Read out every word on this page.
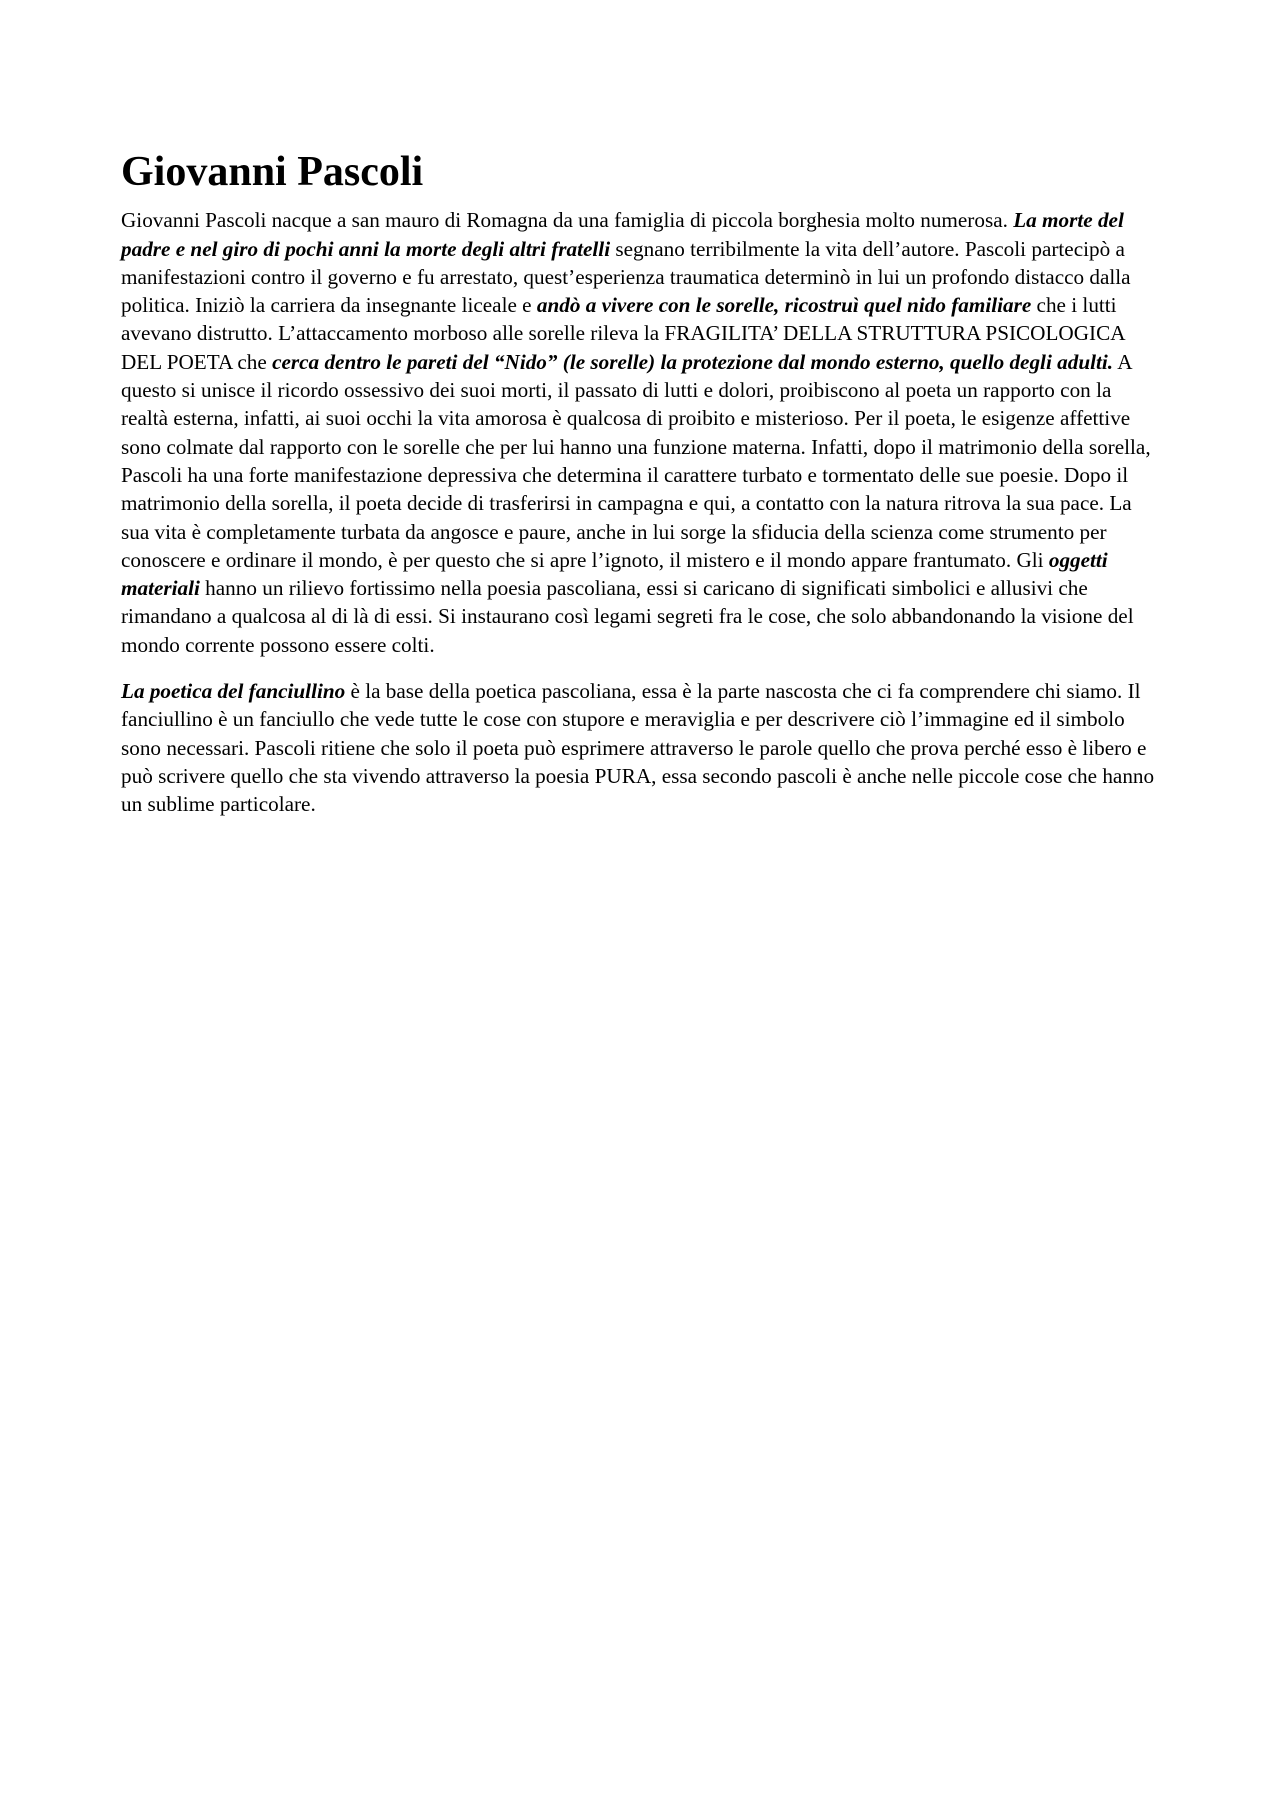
Giovanni Pascoli

Giovanni Pascoli nacque a san mauro di Romagna da una famiglia di piccola borghesia molto numerosa. La morte del padre e nel giro di pochi anni la morte degli altri fratelli segnano terribilmente la vita dell’autore. Pascoli partecipò a manifestazioni contro il governo e fu arrestato, quest’esperienza traumatica determinò in lui un profondo distacco dalla politica. Iniziò la carriera da insegnante liceale e andò a vivere con le sorelle, ricostruì quel nido familiare che i lutti avevano distrutto. L’attaccamento morboso alle sorelle rileva la FRAGILITA’ DELLA STRUTTURA PSICOLOGICA DEL POETA che cerca dentro le pareti del “Nido” (le sorelle) la protezione dal mondo esterno, quello degli adulti. A questo si unisce il ricordo ossessivo dei suoi morti, il passato di lutti e dolori, proibiscono al poeta un rapporto con la realtà esterna, infatti, ai suoi occhi la vita amorosa è qualcosa di proibito e misterioso. Per il poeta, le esigenze affettive sono colmate dal rapporto con le sorelle che per lui hanno una funzione materna. Infatti, dopo il matrimonio della sorella, Pascoli ha una forte manifestazione depressiva che determina il carattere turbato e tormentato delle sue poesie. Dopo il matrimonio della sorella, il poeta decide di trasferirsi in campagna e qui, a contatto con la natura ritrova la sua pace. La sua vita è completamente turbata da angosce e paure, anche in lui sorge la sfiducia della scienza come strumento per conoscere e ordinare il mondo, è per questo che si apre l’ignoto, il mistero e il mondo appare frantumato. Gli oggetti materiali hanno un rilievo fortissimo nella poesia pascoliana, essi si caricano di significati simbolici e allusivi che rimandano a qualcosa al di là di essi. Si instaurano così legami segreti fra le cose, che solo abbandonando la visione del mondo corrente possono essere colti.

La poetica del fanciullino è la base della poetica pascoliana, essa è la parte nascosta che ci fa comprendere chi siamo. Il fanciullino è un fanciullo che vede tutte le cose con stupore e meraviglia e per descrivere ciò l’immagine ed il simbolo sono necessari. Pascoli ritiene che solo il poeta può esprimere attraverso le parole quello che prova perché esso è libero e può scrivere quello che sta vivendo attraverso la poesia PURA, essa secondo pascoli è anche nelle piccole cose che hanno un sublime particolare.
